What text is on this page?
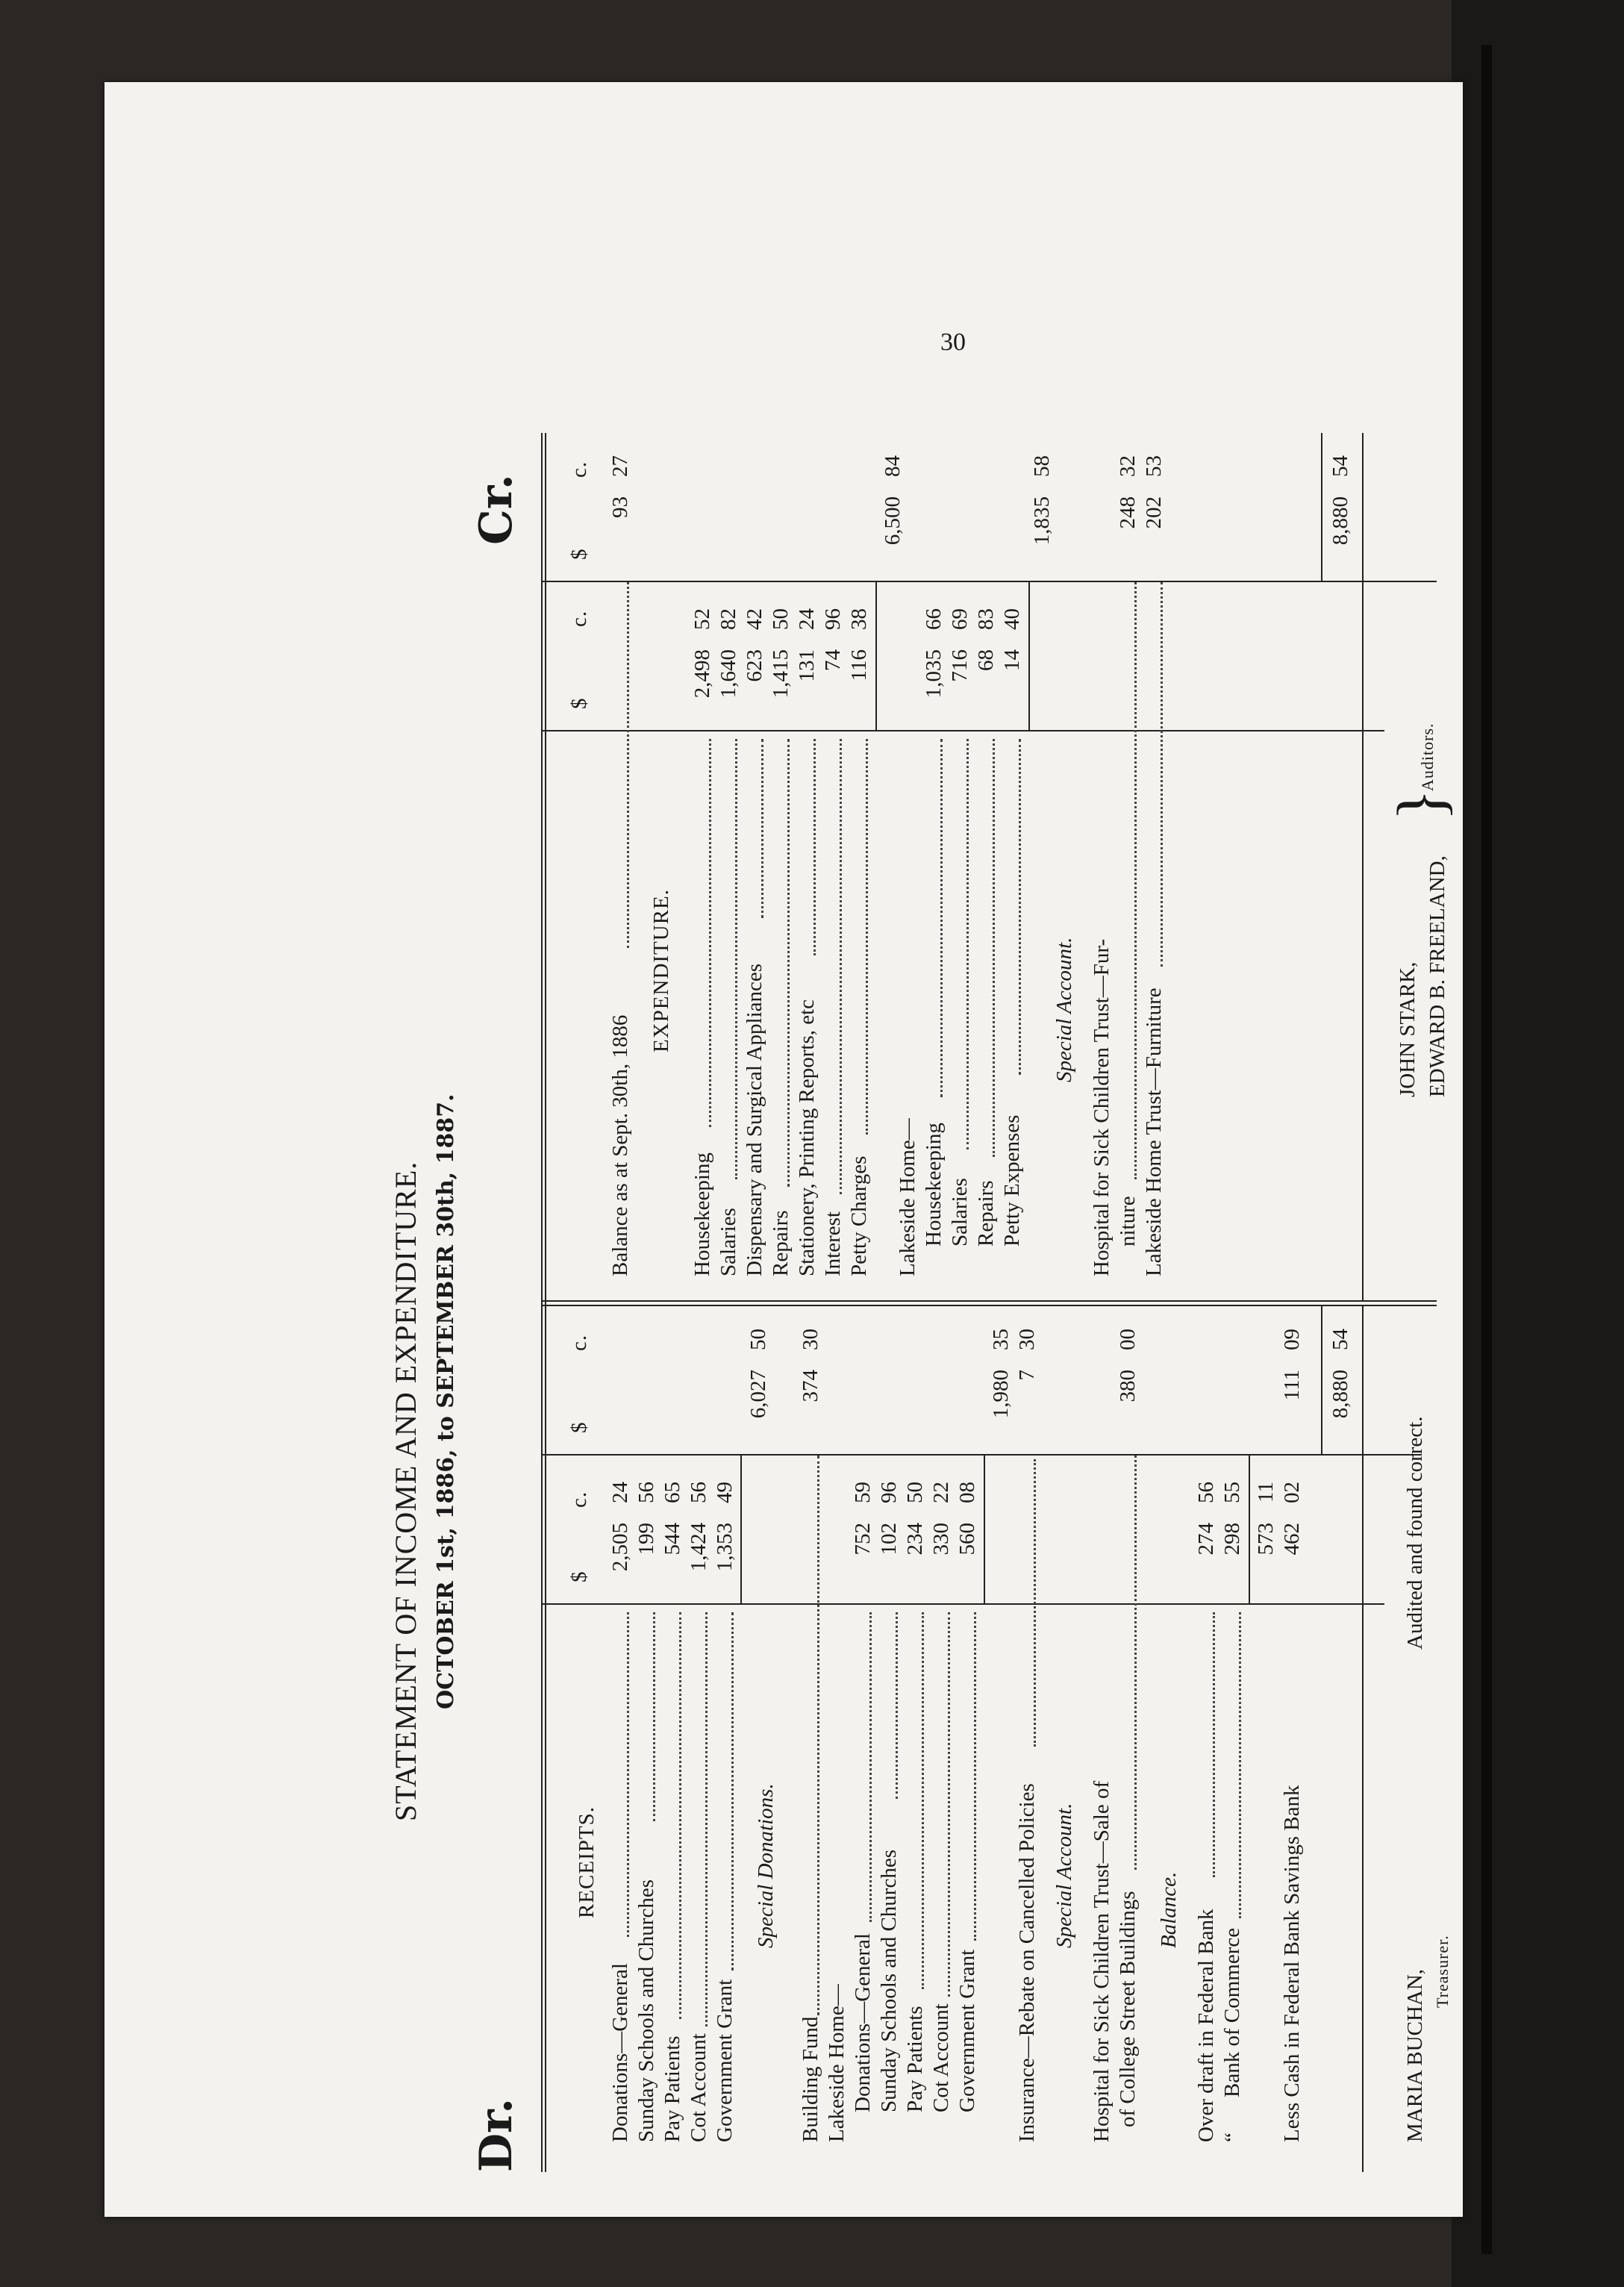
30
STATEMENT OF INCOME AND EXPENDITURE. OCTOBER 1st, 1886, to SEPTEMBER 30th, 1887.
Dr.
Cr.
$
c.
$
c.
$
c.
$
c.
RECEIPTS.
Donations—General Sunday Schools and Churches Pay Patients Cot Account Government Grant
2,505
24
199
56
544
65
1,424
56
1,353
49
6,027
50
Special Donations.
Building Fund
374
30
Lakeside Home— Donations—General Sunday Schools and Churches Pay Patients Cot Account Government Grant
752
59
102
96
234
50
330
22
560
08
1,980
35
Insurance—Rebate on Cancelled Policies
7
30
Special Account. Hospital for Sick Children Trust—Sale of of College Street Buildings
380
00
Balance. Over draft in Federal Bank
274
56
“
Bank of Commerce
298
55
573
11
Less Cash in Federal Bank Savings Bank
462
02
111
09
8,880
54
Balance as at Sept. 30th, 1886
93
27
EXPENDITURE.
Housekeeping Salaries Dispensary and Surgical Appliances Repairs Stationery, Printing Reports, etc Interest Petty Charges
2,498
52
1,640
82
623
42
1,415
50
131
24
74
96
116
38
6,500
84
Lakeside Home— Housekeeping Salaries Repairs Petty Expenses
1,035
66
716
69
68
83
14
40
1,835
58
Special Account. Hospital for Sick Children Trust—Fur- niture
248
32
Lakeside Home Trust—Furniture
202
53
8,880
54
MARIA BUCHAN, Treasurer.
Audited and found correct.
JOHN STARK, EDWARD B. FREELAND,
}
Auditors.
